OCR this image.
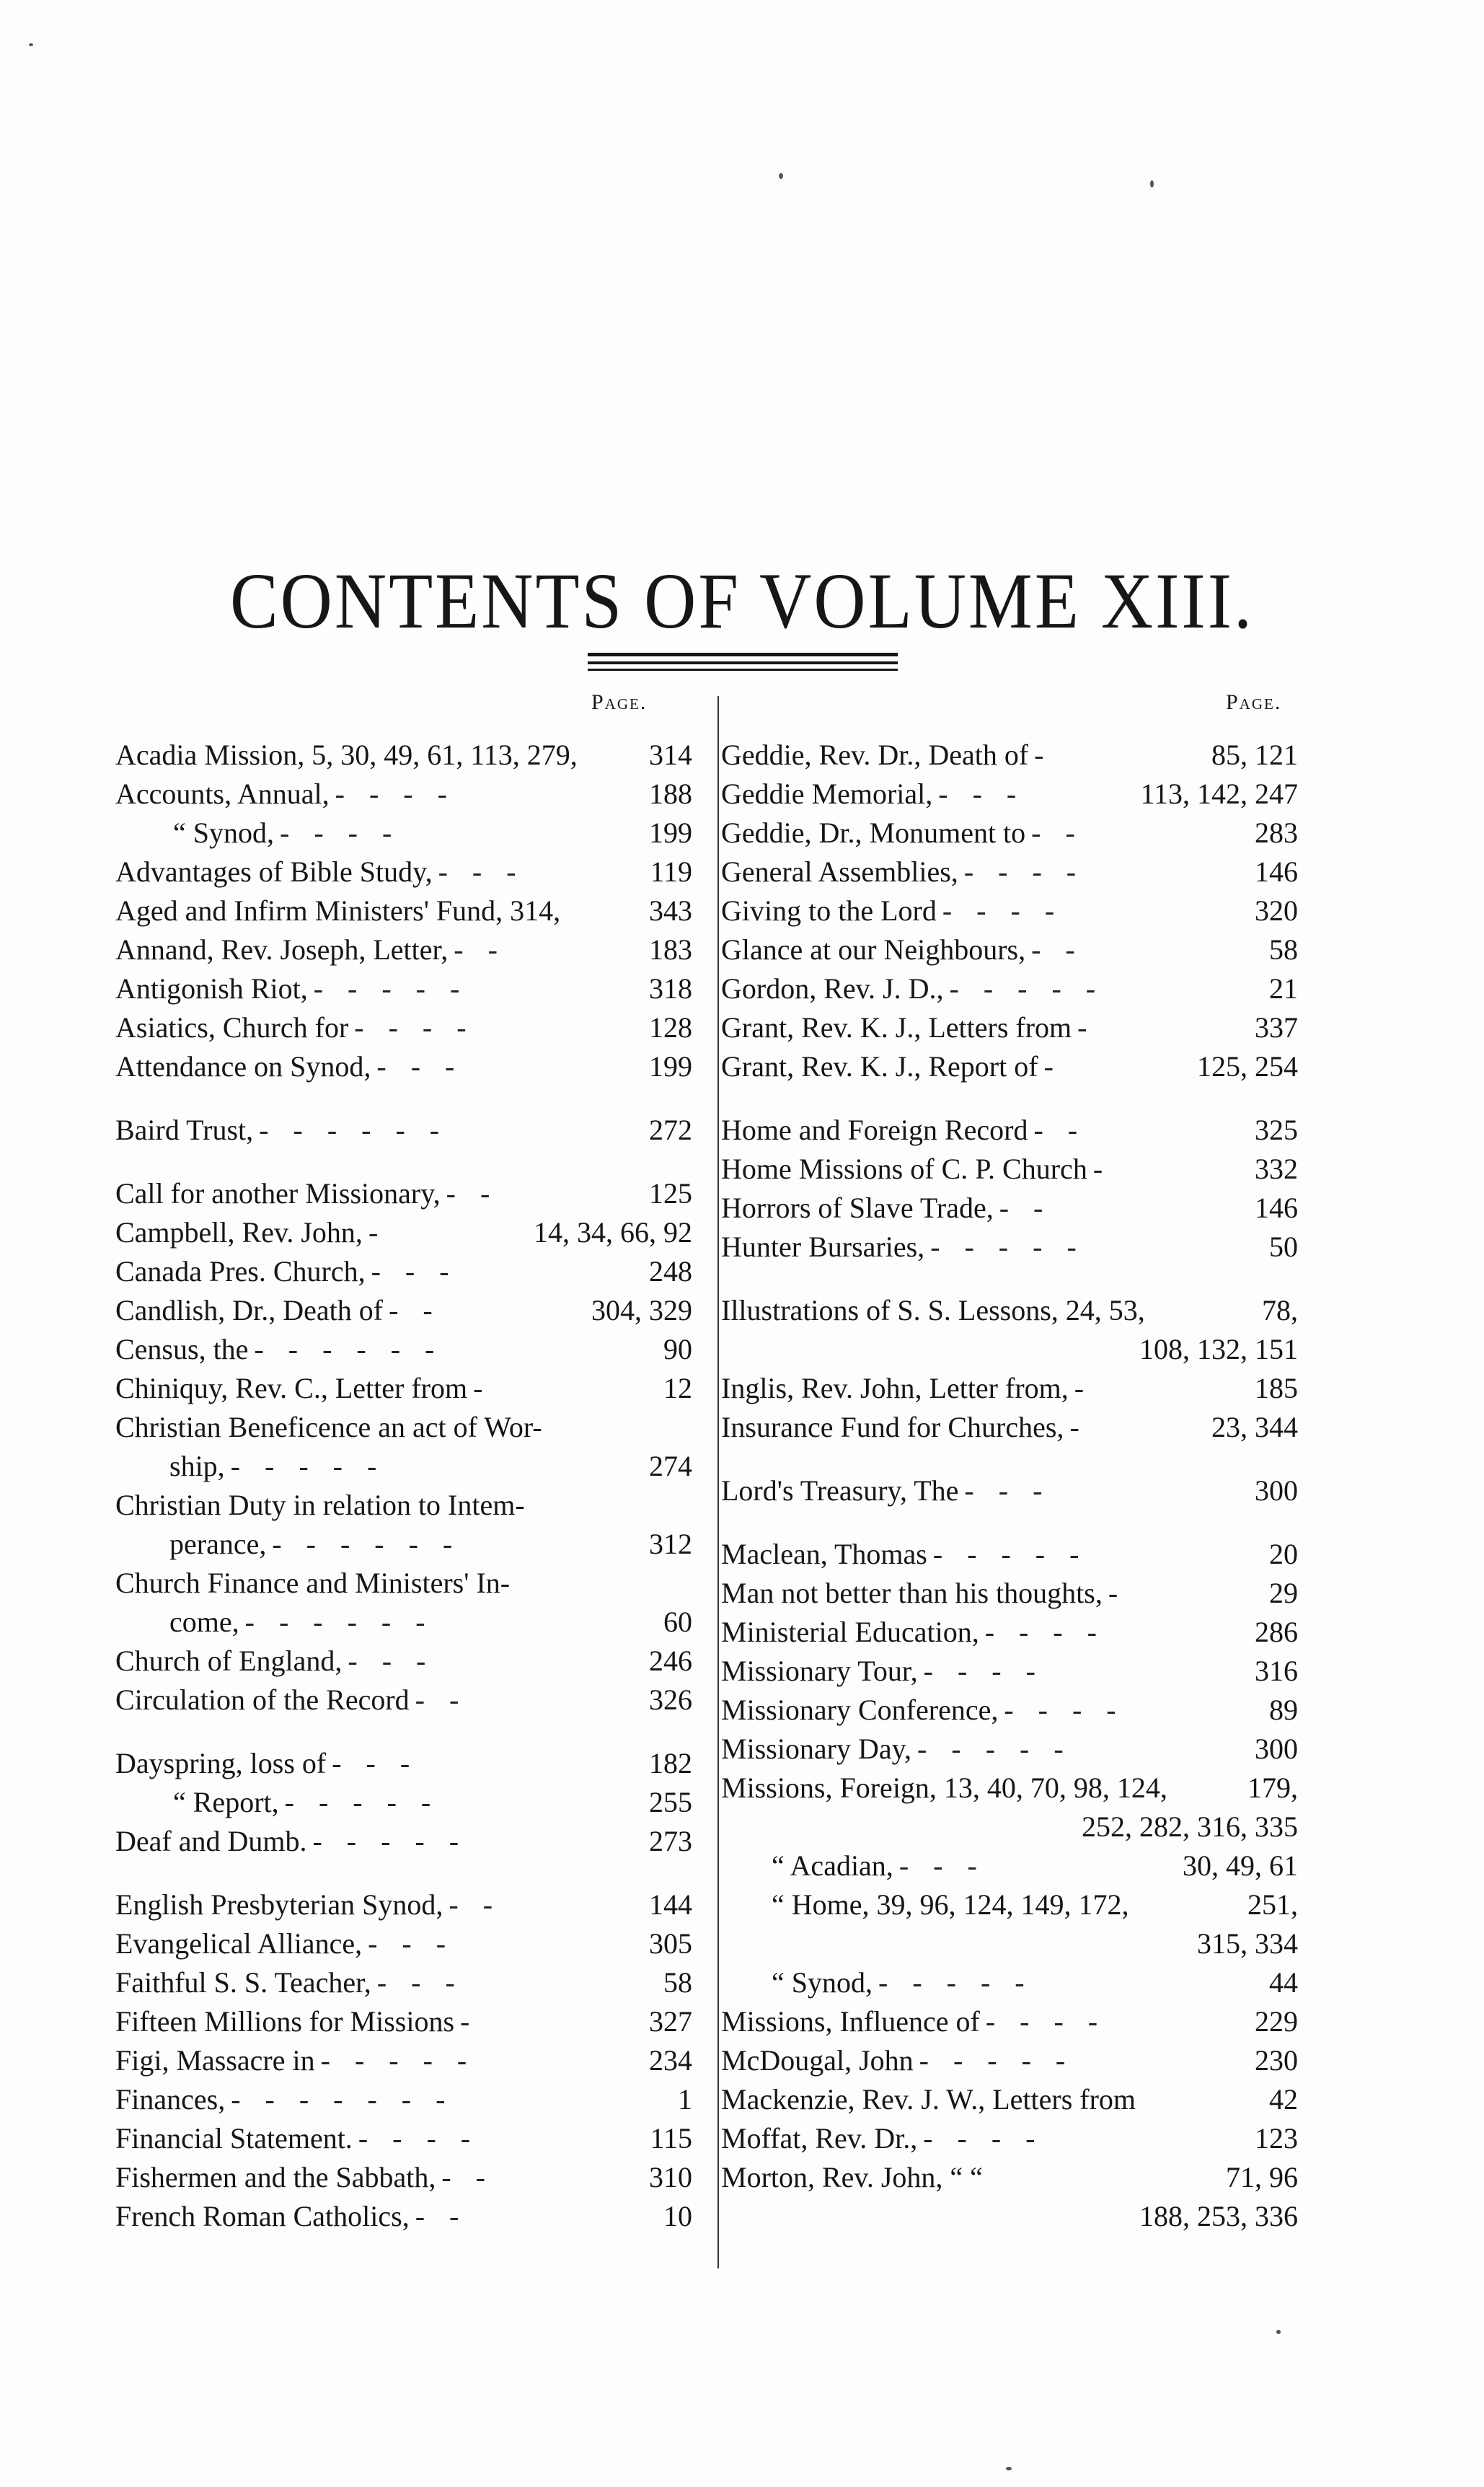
CONTENTS OF VOLUME XIII.
Page.	Page.
Acadia Mission, 5, 30, 49, 61, 113, 279, 314
Accounts, Annual, - - - -	188
“ Synod, - - - -	199
Advantages of Bible Study, - - -	119
Aged and Infirm Ministers' Fund, 314,	343
Annand, Rev. Joseph, Letter, - -	183
Antigonish Riot, - - - - -	318
Asiatics, Church for - - - -	128
Attendance on Synod, - - -	199
Baird Trust, - - - - - -	272
Call for another Missionary, - -	125
Campbell, Rev. John, -	14, 34, 66, 92
Canada Pres. Church, - - -	248
Candlish, Dr., Death of - -	304, 329
Census, the - - - - - -	90
Chiniquy, Rev. C., Letter from -	12
Christian Beneficence an act of Wor-
ship, - - - - -	274
Christian Duty in relation to Intem-
perance, - - - - - -	312
Church Finance and Ministers' In-
come, - - - - - -	60
Church of England, - - -	246
Circulation of the Record - -	326
Dayspring, loss of - - -	182
“ Report, - - - - -	255
Deaf and Dumb. - - - - -	273
English Presbyterian Synod, - -	144
Evangelical Alliance, - - -	305
Faithful S. S. Teacher, - - -	58
Fifteen Millions for Missions -	327
Figi, Massacre in - - - - -	234
Finances, - - - - - - -	1
Financial Statement. - - - -	115
Fishermen and the Sabbath, - -	310
French Roman Catholics, - -	10
Geddie, Rev. Dr., Death of -	85, 121
Geddie Memorial, - - -	113, 142, 247
Geddie, Dr., Monument to - -	283
General Assemblies, - - - -	146
Giving to the Lord - - - -	320
Glance at our Neighbours, - -	58
Gordon, Rev. J. D., - - - - -	21
Grant, Rev. K. J., Letters from -	337
Grant, Rev. K. J., Report of -	125, 254
Home and Foreign Record - -	325
Home Missions of C. P. Church -	332
Horrors of Slave Trade, - -	146
Hunter Bursaries, - - - - -	50
Illustrations of S. S. Lessons, 24, 53,	78,
108, 132, 151
Inglis, Rev. John, Letter from, -	185
Insurance Fund for Churches, -	23, 344
Lord's Treasury, The - - -	300
Maclean, Thomas - - - - -	20
Man not better than his thoughts, -	29
Ministerial Education, - - - -	286
Missionary Tour, - - - -	316
Missionary Conference, - - - -	89
Missionary Day, - - - - -	300
Missions, Foreign, 13, 40, 70, 98, 124,	179,
252, 282, 316, 335
“ Acadian, - - -	30, 49, 61
“ Home, 39, 96, 124, 149, 172,	251,
315, 334
“ Synod, - - - - -	44
Missions, Influence of - - - -	229
McDougal, John - - - - -	230
Mackenzie, Rev. J. W., Letters from	42
Moffat, Rev. Dr., - - - -	123
Morton, Rev. John, “ “	71, 96
188, 253, 336
